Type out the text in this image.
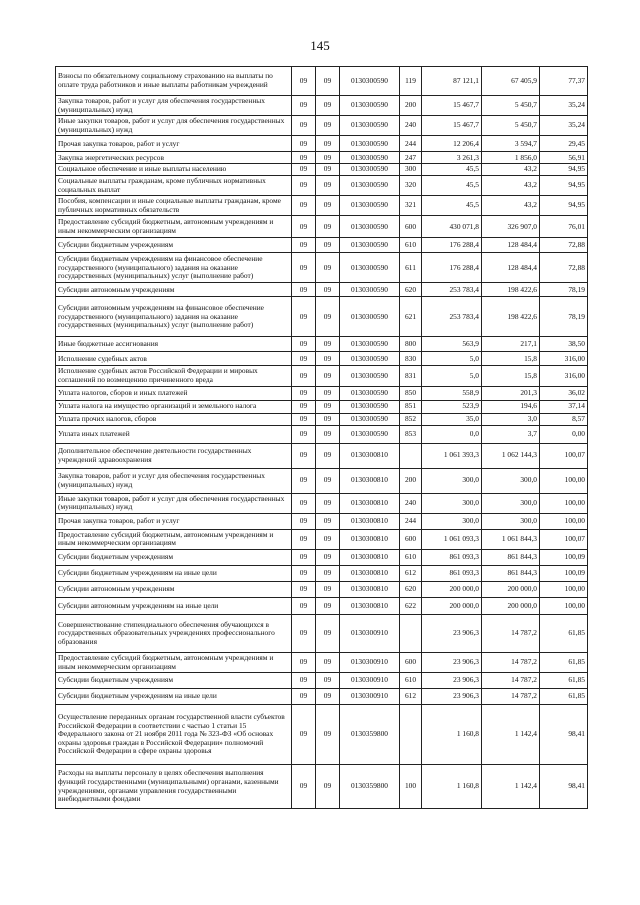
145
Взносы по обязательному социальному страхованию на выплаты по оплате труда работников и иные выплаты работникам учреждений	09	09	0130300590	119	87 121,1	67 405,9	77,37
Закупка товаров, работ и услуг для обеспечения государственных (муниципальных) нужд	09	09	0130300590	200	15 467,7	5 450,7	35,24
Иные закупки товаров, работ и услуг для обеспечения государственных (муниципальных) нужд	09	09	0130300590	240	15 467,7	5 450,7	35,24
Прочая закупка товаров, работ и услуг	09	09	0130300590	244	12 206,4	3 594,7	29,45
Закупка энергетических ресурсов	09	09	0130300590	247	3 261,3	1 856,0	56,91
Социальное обеспечение и иные выплаты населению	09	09	0130300590	300	45,5	43,2	94,95
Социальные выплаты гражданам, кроме публичных нормативных социальных выплат	09	09	0130300590	320	45,5	43,2	94,95
Пособия, компенсации и иные социальные выплаты гражданам, кроме публичных нормативных обязательств	09	09	0130300590	321	45,5	43,2	94,95
Предоставление субсидий бюджетным, автономным учреждениям и иным некоммерческим организациям	09	09	0130300590	600	430 071,8	326 907,0	76,01
Субсидии бюджетным учреждениям	09	09	0130300590	610	176 288,4	128 484,4	72,88
Субсидии бюджетным учреждениям на финансовое обеспечение государственного (муниципального) задания на оказание государственных (муниципальных) услуг (выполнение работ)	09	09	0130300590	611	176 288,4	128 484,4	72,88
Субсидии автономным учреждениям	09	09	0130300590	620	253 783,4	198 422,6	78,19
Субсидии автономным учреждениям на финансовое обеспечение государственного (муниципального) задания на оказание государственных (муниципальных) услуг (выполнение работ)	09	09	0130300590	621	253 783,4	198 422,6	78,19
Иные бюджетные ассигнования	09	09	0130300590	800	563,9	217,1	38,50
Исполнение судебных актов	09	09	0130300590	830	5,0	15,8	316,00
Исполнение судебных актов Российской Федерации и мировых соглашений по возмещению причиненного вреда	09	09	0130300590	831	5,0	15,8	316,00
Уплата налогов, сборов и иных платежей	09	09	0130300590	850	558,9	201,3	36,02
Уплата налога на имущество организаций и земельного налога	09	09	0130300590	851	523,9	194,6	37,14
Уплата прочих налогов, сборов	09	09	0130300590	852	35,0	3,0	8,57
Уплата иных платежей	09	09	0130300590	853	0,0	3,7	0,00
Дополнительное обеспечение деятельности государственных учреждений здравоохранения	09	09	0130300810		1 061 393,3	1 062 144,3	100,07
Закупка товаров, работ и услуг для обеспечения государственных (муниципальных) нужд	09	09	0130300810	200	300,0	300,0	100,00
Иные закупки товаров, работ и услуг для обеспечения государственных (муниципальных) нужд	09	09	0130300810	240	300,0	300,0	100,00
Прочая закупка товаров, работ и услуг	09	09	0130300810	244	300,0	300,0	100,00
Предоставление субсидий бюджетным, автономным учреждениям и иным некоммерческим организациям	09	09	0130300810	600	1 061 093,3	1 061 844,3	100,07
Субсидии бюджетным учреждениям	09	09	0130300810	610	861 093,3	861 844,3	100,09
Субсидии бюджетным учреждениям на иные цели	09	09	0130300810	612	861 093,3	861 844,3	100,09
Субсидии автономным учреждениям	09	09	0130300810	620	200 000,0	200 000,0	100,00
Субсидии автономным учреждениям на иные цели	09	09	0130300810	622	200 000,0	200 000,0	100,00
Совершенствование стипендиального обеспечения обучающихся в государственных образовательных учреждениях профессионального образования	09	09	0130300910		23 906,3	14 787,2	61,85
Предоставление субсидий бюджетным, автономным учреждениям и иным некоммерческим организациям	09	09	0130300910	600	23 906,3	14 787,2	61,85
Субсидии бюджетным учреждениям	09	09	0130300910	610	23 906,3	14 787,2	61,85
Субсидии бюджетным учреждениям на иные цели	09	09	0130300910	612	23 906,3	14 787,2	61,85
Осуществление переданных органам государственной власти субъектов Российской Федерации в соответствии с частью 1 статьи 15 Федерального закона от 21 ноября 2011 года № 323-ФЗ «Об основах охраны здоровья граждан в Российской Федерации» полномочий Российской Федерации в сфере охраны здоровья	09	09	0130359800		1 160,8	1 142,4	98,41
Расходы на выплаты персоналу в целях обеспечения выполнения функций государственными (муниципальными) органами, казенными учреждениями, органами управления государственными внебюджетными фондами	09	09	0130359800	100	1 160,8	1 142,4	98,41
